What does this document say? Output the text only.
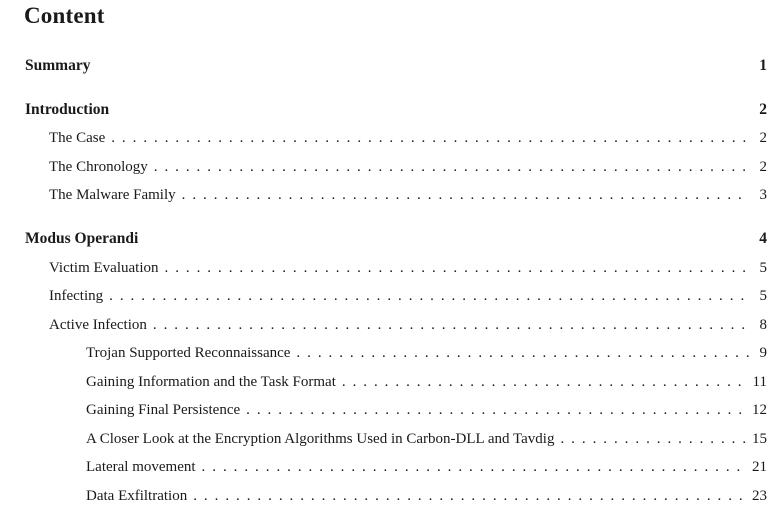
Content
Summary	1
Introduction	2
The Case . . .	2
The Chronology . . .	2
The Malware Family . . .	3
Modus Operandi	4
Victim Evaluation . . .	5
Infecting . . .	5
Active Infection . . .	8
Trojan Supported Reconnaissance . . .	9
Gaining Information and the Task Format . . .	11
Gaining Final Persistence . . .	12
A Closer Look at the Encryption Algorithms Used in Carbon-DLL and Tavdig . . .	15
Lateral movement . . .	21
Data Exfiltration . . .	23
